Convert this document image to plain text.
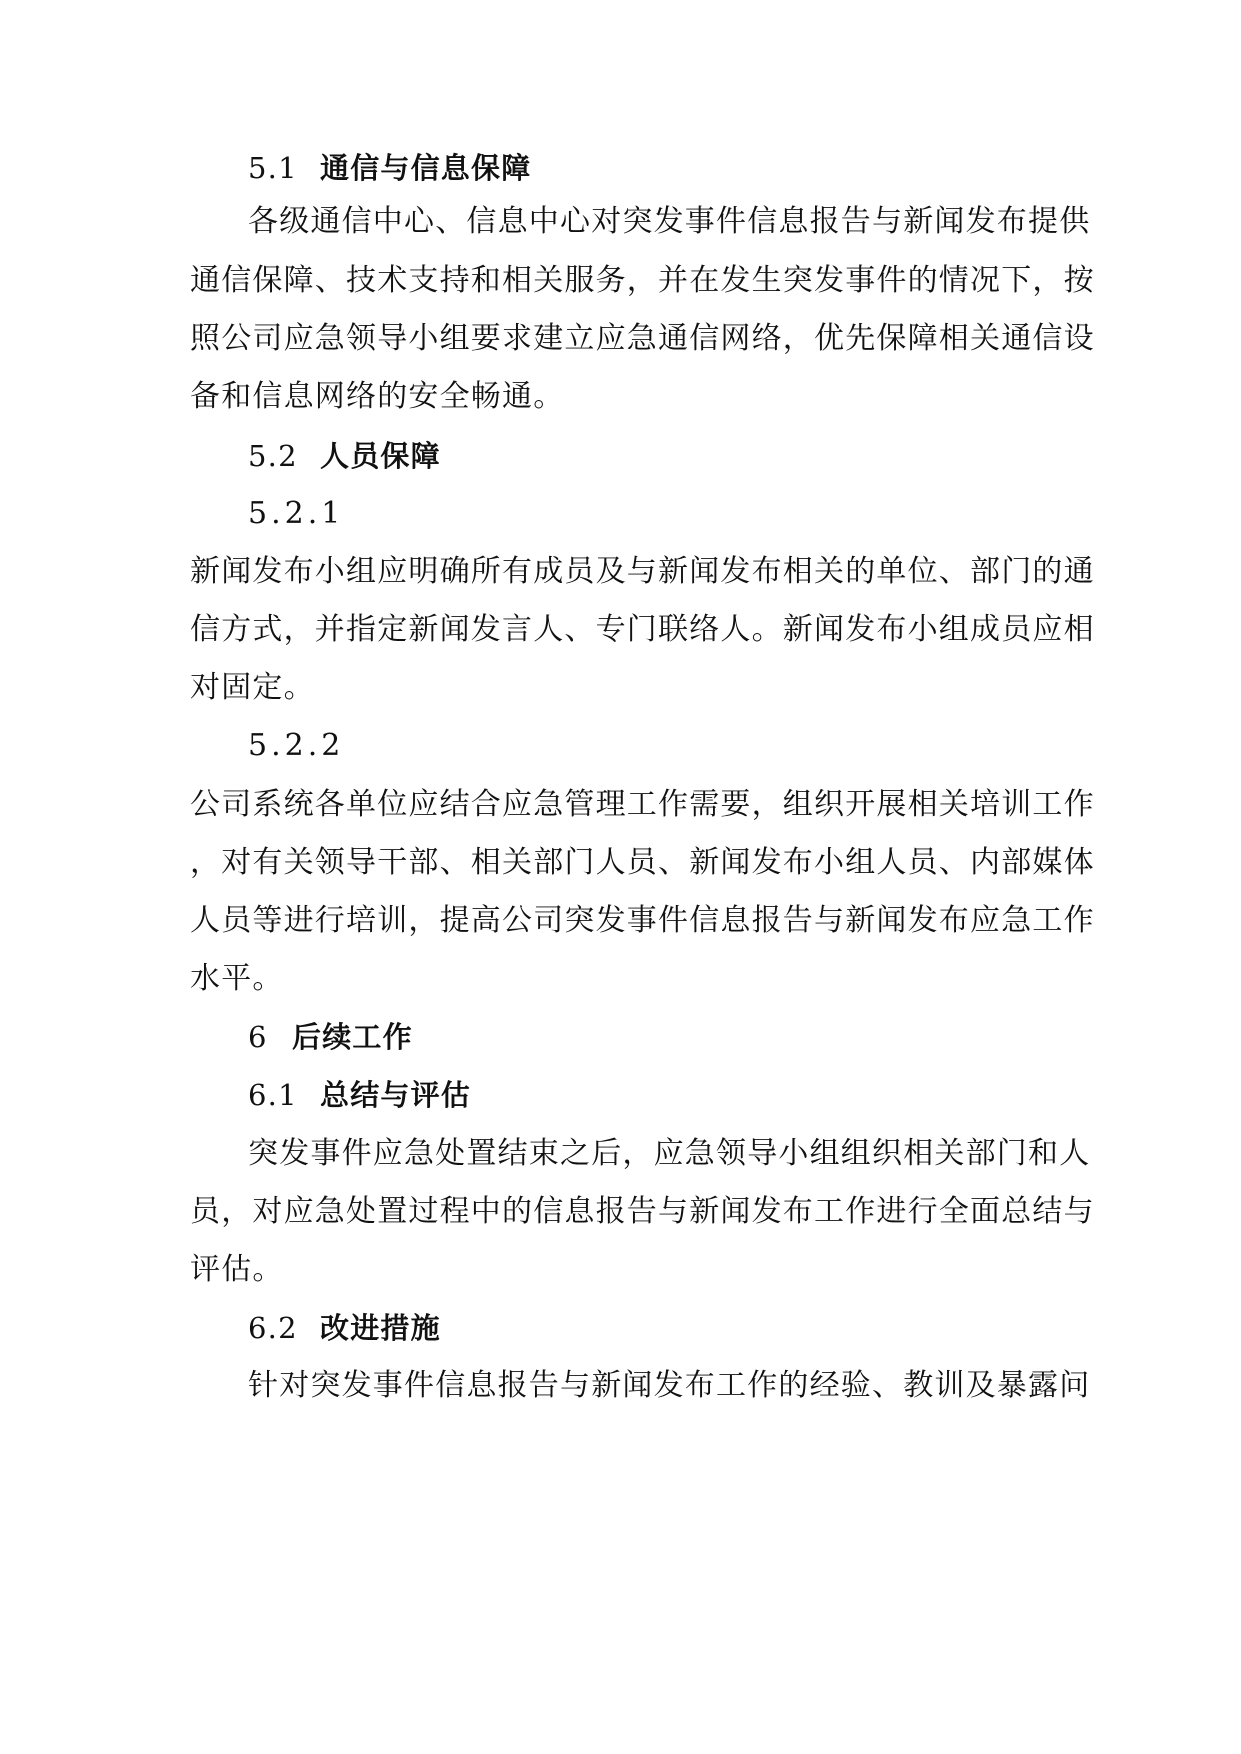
5.1 通信与信息保障
各级通信中心、信息中心对突发事件信息报告与新闻发布提供
通信保障、技术支持和相关服务，并在发生突发事件的情况下，按
照公司应急领导小组要求建立应急通信网络，优先保障相关通信设
备和信息网络的安全畅通。
5.2 人员保障
5.2.1
新闻发布小组应明确所有成员及与新闻发布相关的单位、部门的通
信方式，并指定新闻发言人、专门联络人。新闻发布小组成员应相
对固定。
5.2.2
公司系统各单位应结合应急管理工作需要，组织开展相关培训工作
，对有关领导干部、相关部门人员、新闻发布小组人员、内部媒体
人员等进行培训，提高公司突发事件信息报告与新闻发布应急工作
水平。
6 后续工作
6.1 总结与评估
突发事件应急处置结束之后，应急领导小组组织相关部门和人
员，对应急处置过程中的信息报告与新闻发布工作进行全面总结与
评估。
6.2 改进措施
针对突发事件信息报告与新闻发布工作的经验、教训及暴露问
